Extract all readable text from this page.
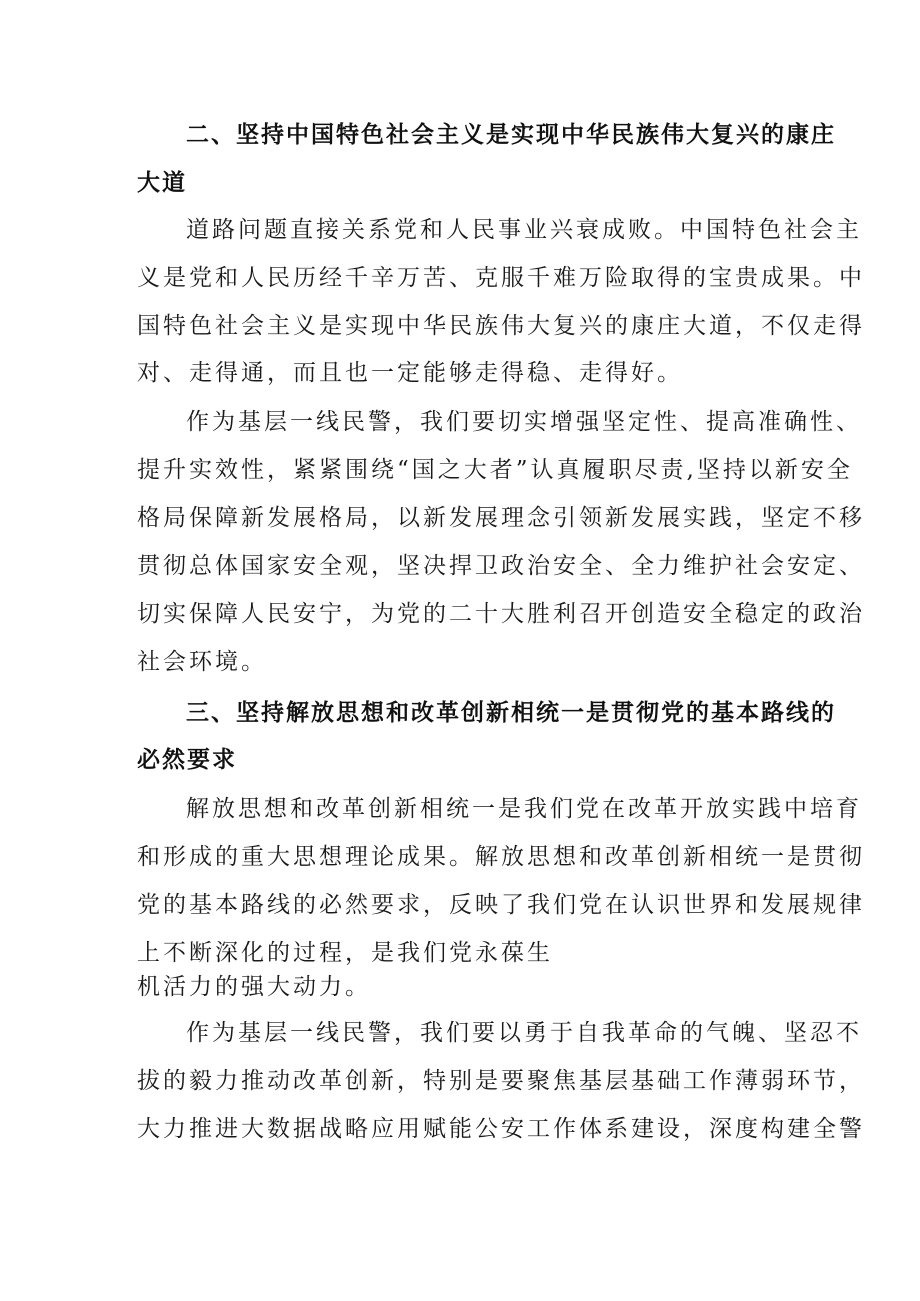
二、坚持中国特色社会主义是实现中华民族伟大复兴的康庄
大道
道路问题直接关系党和人民事业兴衰成败。中国特色社会主
义是党和人民历经千辛万苦、克服千难万险取得的宝贵成果。中
国特色社会主义是实现中华民族伟大复兴的康庄大道，不仅走得
对、走得通，而且也一定能够走得稳、走得好。
作为基层一线民警，我们要切实增强坚定性、提高准确性、
提升实效性，紧紧围绕“国之大者”认真履职尽责,坚持以新安全
格局保障新发展格局，以新发展理念引领新发展实践，坚定不移
贯彻总体国家安全观，坚决捍卫政治安全、全力维护社会安定、
切实保障人民安宁，为党的二十大胜利召开创造安全稳定的政治
社会环境。
三、坚持解放思想和改革创新相统一是贯彻党的基本路线的
必然要求
解放思想和改革创新相统一是我们党在改革开放实践中培育
和形成的重大思想理论成果。解放思想和改革创新相统一是贯彻
党的基本路线的必然要求，反映了我们党在认识世界和发展规律
上不断深化的过程，是我们党永葆生
机活力的强大动力。
作为基层一线民警，我们要以勇于自我革命的气魄、坚忍不
拔的毅力推动改革创新，特别是要聚焦基层基础工作薄弱环节，
大力推进大数据战略应用赋能公安工作体系建设，深度构建全警
